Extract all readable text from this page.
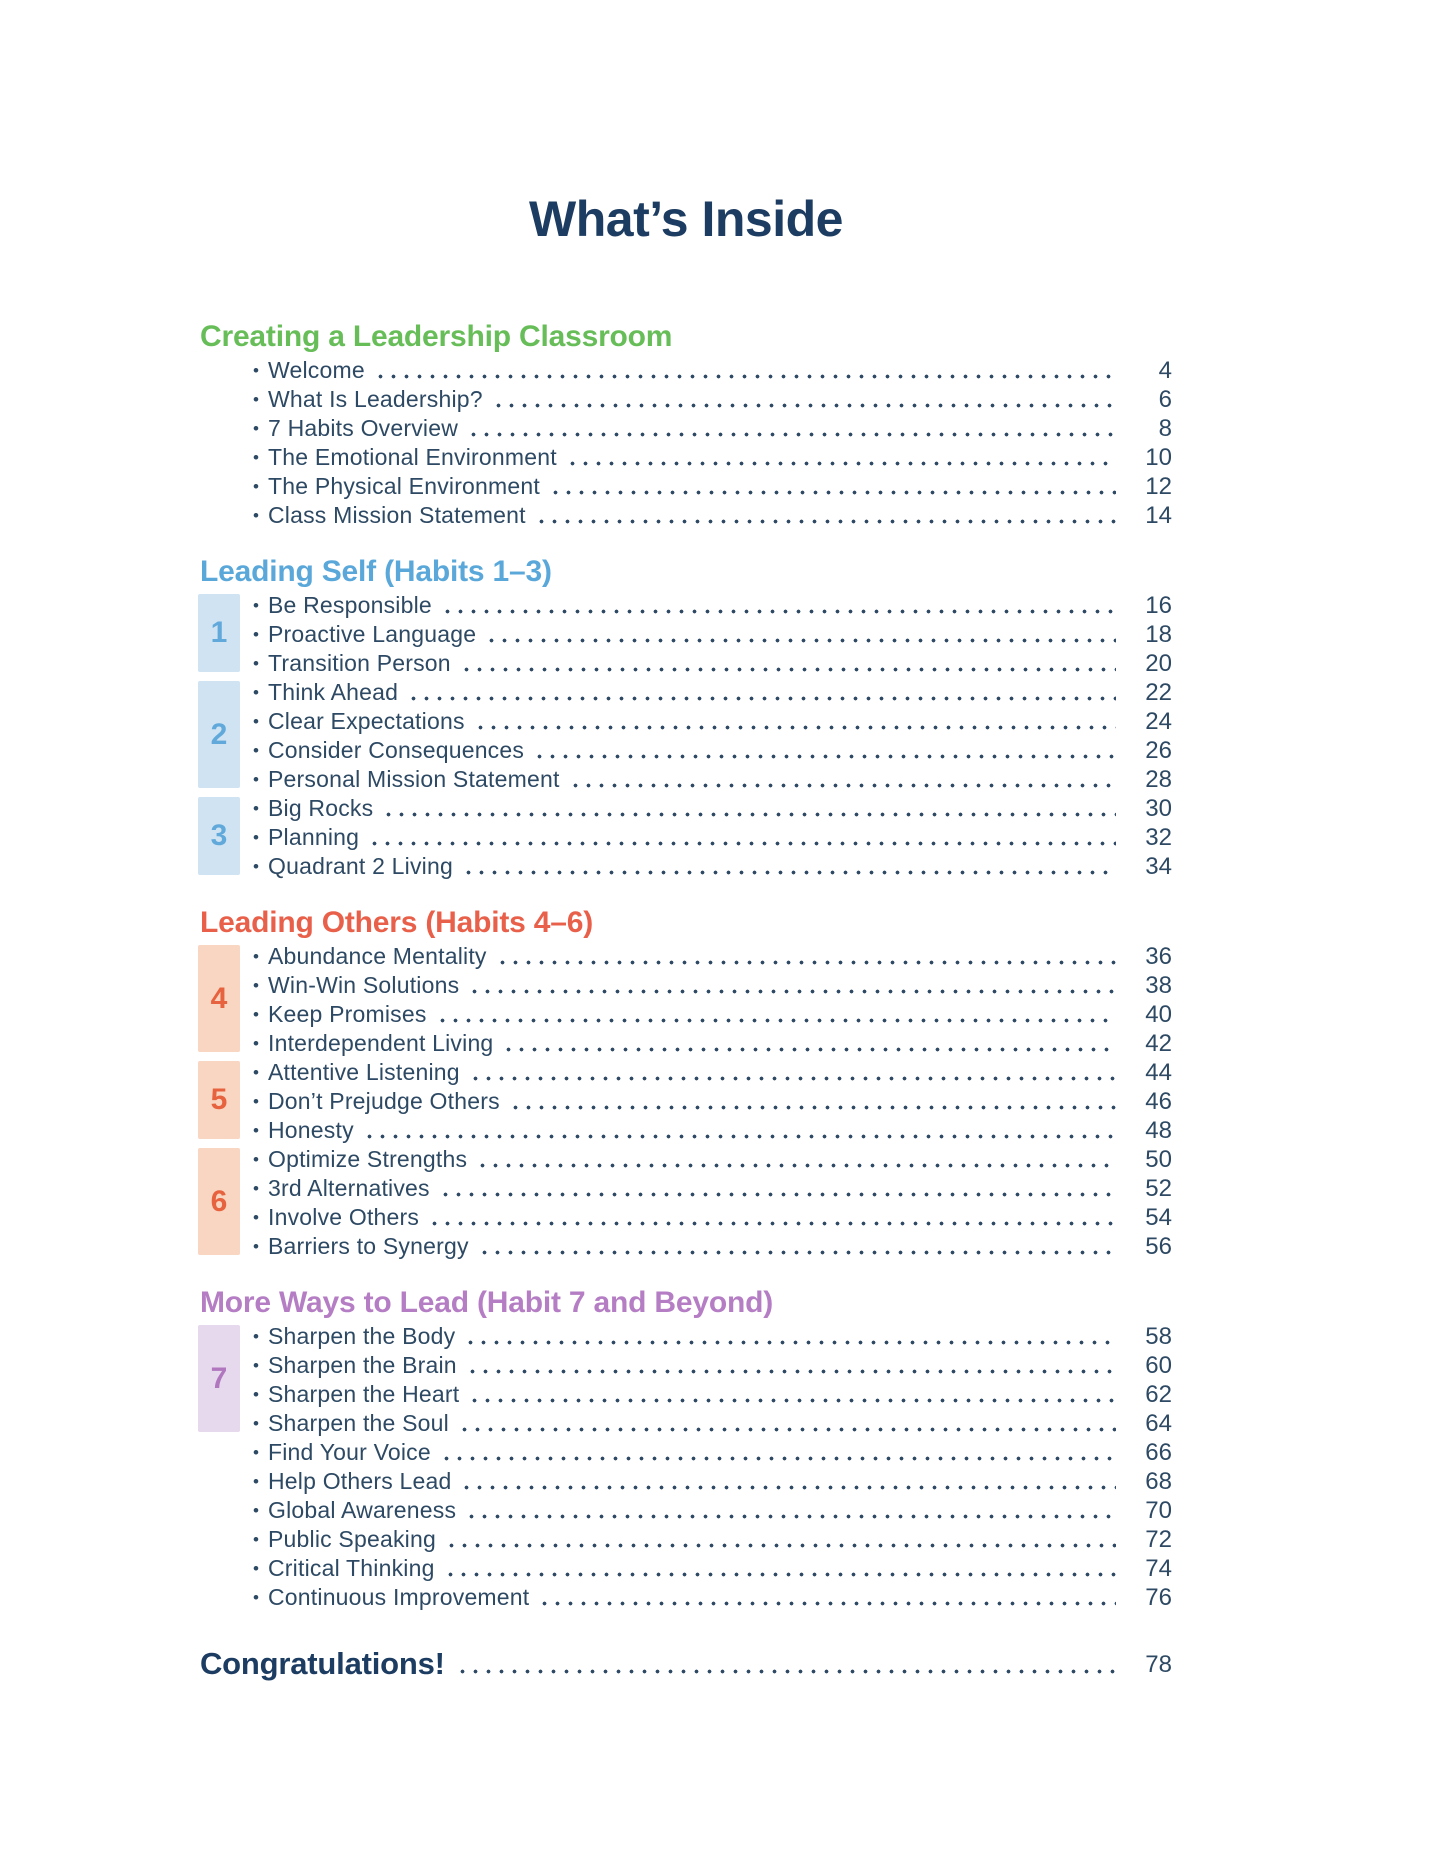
What’s Inside
Creating a Leadership Classroom
• Welcome	4
• What Is Leadership?	6
• 7 Habits Overview	8
• The Emotional Environment	10
• The Physical Environment	12
• Class Mission Statement	14
Leading Self (Habits 1–3)
1
2
3
• Be Responsible	16
• Proactive Language	18
• Transition Person	20
• Think Ahead	22
• Clear Expectations	24
• Consider Consequences	26
• Personal Mission Statement	28
• Big Rocks	30
• Planning	32
• Quadrant 2 Living	34
Leading Others (Habits 4–6)
4
5
6
• Abundance Mentality	36
• Win-Win Solutions	38
• Keep Promises	40
• Interdependent Living	42
• Attentive Listening	44
• Don’t Prejudge Others	46
• Honesty	48
• Optimize Strengths	50
• 3rd Alternatives	52
• Involve Others	54
• Barriers to Synergy	56
More Ways to Lead (Habit 7 and Beyond)
7
• Sharpen the Body	58
• Sharpen the Brain	60
• Sharpen the Heart	62
• Sharpen the Soul	64
• Find Your Voice	66
• Help Others Lead	68
• Global Awareness	70
• Public Speaking	72
• Critical Thinking	74
• Continuous Improvement	76
Congratulations!	78
